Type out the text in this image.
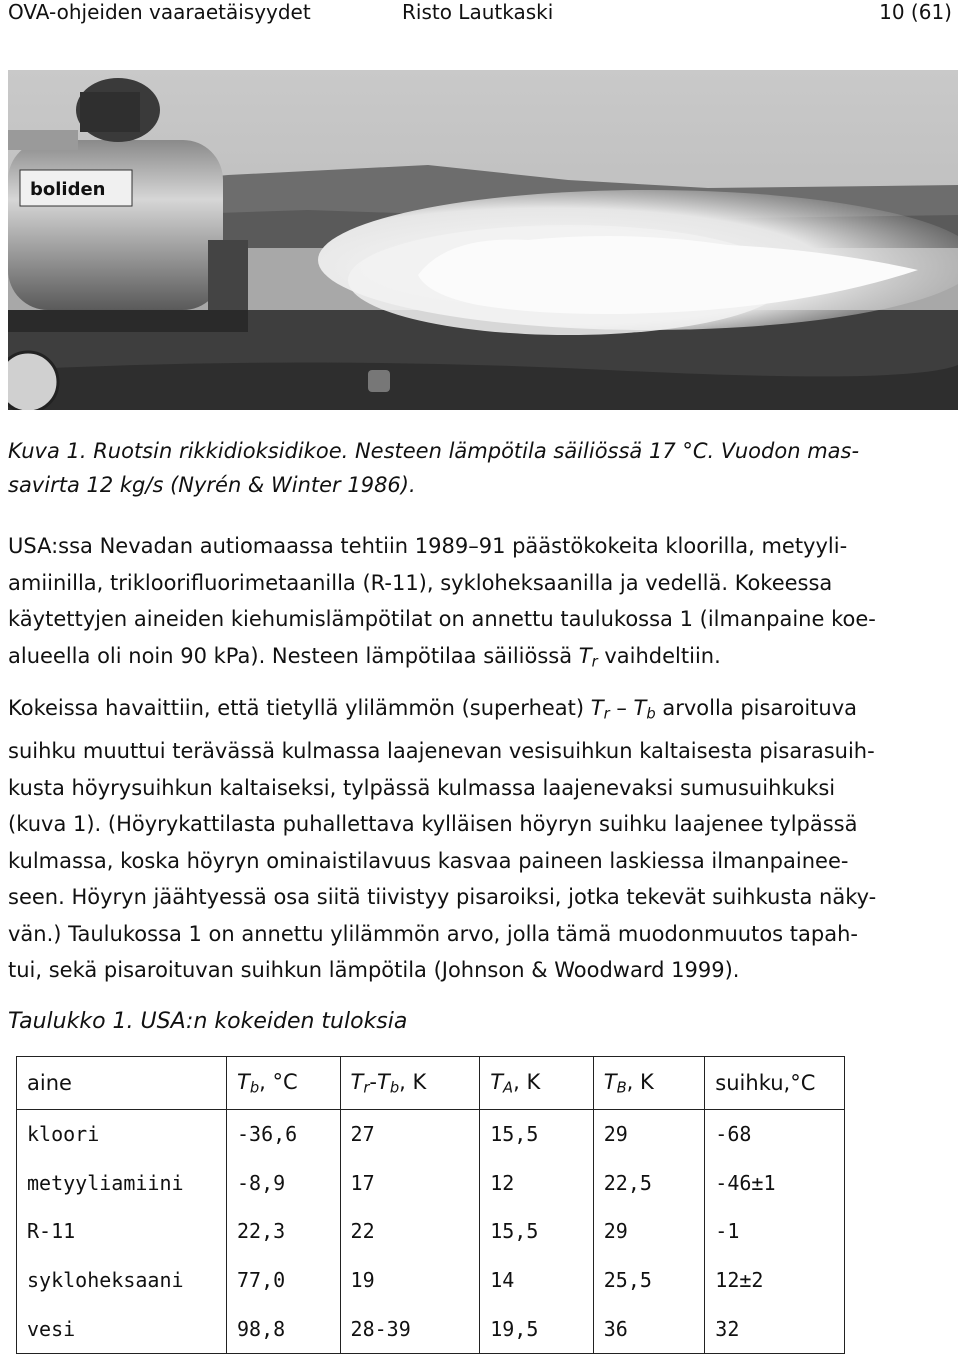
OVA-ohjeiden vaaraetäisyydet	Risto Lautkaski	10 (61)
boliden
Kuva 1. Ruotsin rikkidioksidikoe. Nesteen lämpötila säiliössä 17 °C. Vuodon mas-
savirta 12 kg/s (Nyrén & Winter 1986).
USA:ssa Nevadan autiomaassa tehtiin 1989–91 päästökokeita kloorilla, metyyli-
amiinilla, trikloorifluorimetaanilla (R-11), sykloheksaanilla ja vedellä. Kokeessa
käytettyjen aineiden kiehumislämpötilat on annettu taulukossa 1 (ilmanpaine koe-
alueella oli noin 90 kPa). Nesteen lämpötilaa säiliössä $T_r$ vaihdeltiin.
Kokeissa havaittiin, että tietyllä ylilämmön (superheat) $T_r - T_b$ arvolla pisaroituva
suihku muuttui terävässä kulmassa laajenevan vesisuihkun kaltaisesta pisarasuih-
kusta höyrysuihkun kaltaiseksi, tylpässä kulmassa laajenevaksi sumusuihkuksi
(kuva 1). (Höyrykattilasta puhallettava kylläisen höyryn suihku laajenee tylpässä
kulmassa, koska höyryn ominaistilavuus kasvaa paineen laskiessa ilmanpainee-
seen. Höyryn jäähtyessä osa siitä tiivistyy pisaroiksi, jotka tekevät suihkusta näky-
vän.) Taulukossa 1 on annettu ylilämmön arvo, jolla tämä muodonmuutos tapah-
tui, sekä pisaroituvan suihkun lämpötila (Johnson & Woodward 1999).
Taulukko 1. USA:n kokeiden tuloksia
aine	$T_b$, °C	$T_r-T_b$, K	$T_A$, K	$T_B$, K	suihku,°C
kloori	-36,6	27	15,5	29	-68
metyyliamiini	-8,9	17	12	22,5	-46±1
R-11	22,3	22	15,5	29	-1
sykloheksaani	77,0	19	14	25,5	12±2
vesi	98,8	28-39	19,5	36	32
